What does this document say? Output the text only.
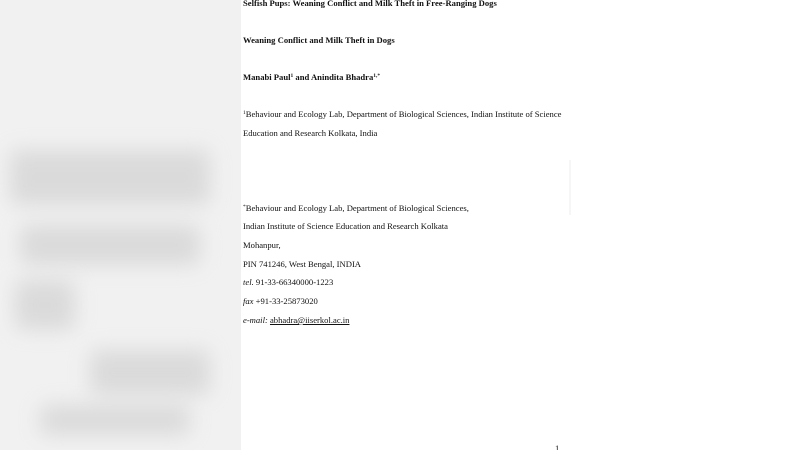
Selfish Pups: Weaning Conflict and Milk Theft in Free-Ranging Dogs
Weaning Conflict and Milk Theft in Dogs
Manabi Paul$^1$ and Anindita Bhadra$^{1,*}$
$^1$Behaviour and Ecology Lab, Department of Biological Sciences, Indian Institute of Science
Education and Research Kolkata, India
*Behaviour and Ecology Lab, Department of Biological Sciences,
Indian Institute of Science Education and Research Kolkata
Mohanpur,
PIN 741246, West Bengal, INDIA
tel. 91-33-66340000-1223
fax +91-33-25873020
e-mail: abhadra@iiserkol.ac.in
1
